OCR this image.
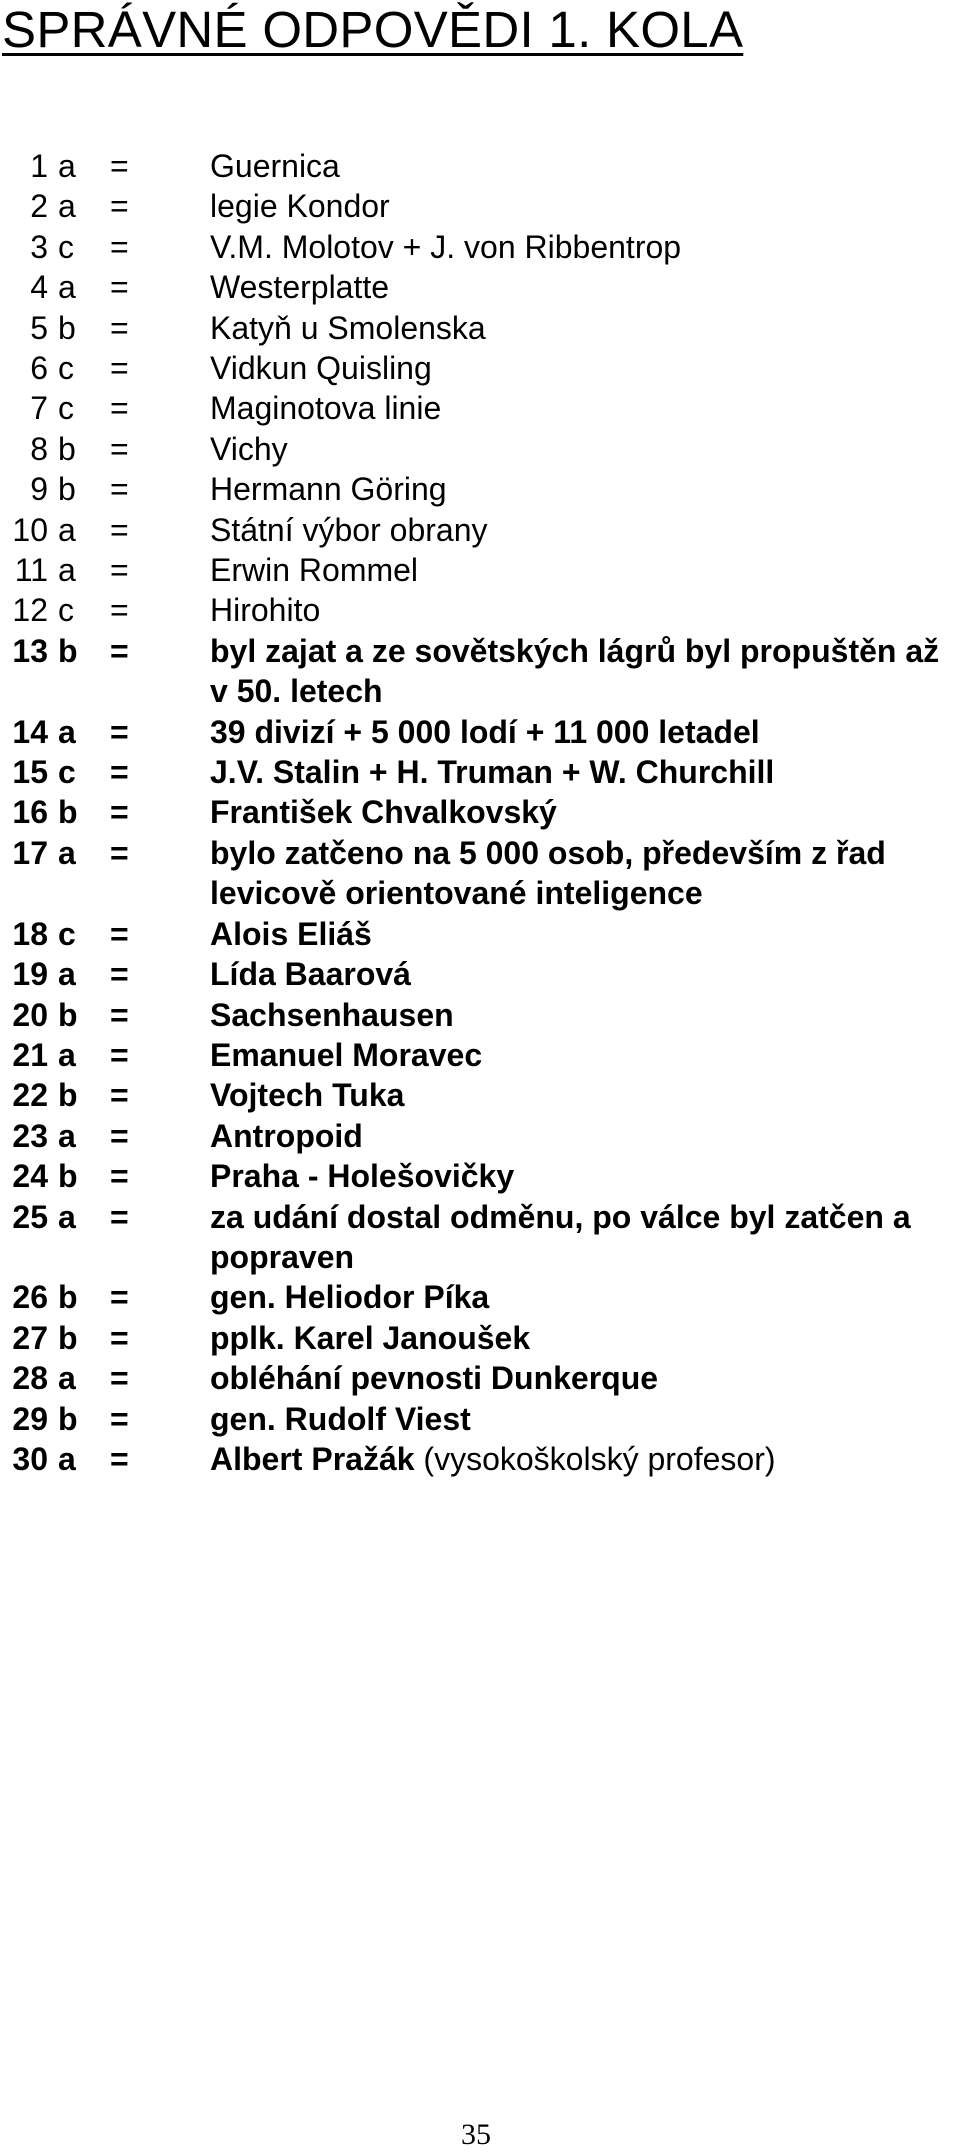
SPRÁVNÉ ODPOVĚDI 1. KOLA
1 a	=	Guernica
2 a	=	legie Kondor
3 c	=	V.M. Molotov + J. von Ribbentrop
4 a	=	Westerplatte
5 b	=	Katyň u Smolenska
6 c	=	Vidkun Quisling
7 c	=	Maginotova linie
8 b	=	Vichy
9 b	=	Hermann Göring
10 a	=	Státní výbor obrany
11 a	=	Erwin Rommel
12 c	=	Hirohito
13 b	=	byl zajat a ze sovětských lágrů byl propuštěn až v 50. letech
14 a	=	39 divizí + 5 000 lodí + 11 000 letadel
15 c	=	J.V. Stalin + H. Truman + W. Churchill
16 b	=	František Chvalkovský
17 a	=	bylo zatčeno na 5 000 osob, především z řad levicově orientované inteligence
18 c	=	Alois Eliáš
19 a	=	Lída Baarová
20 b	=	Sachsenhausen
21 a	=	Emanuel Moravec
22 b	=	Vojtech Tuka
23 a	=	Antropoid
24 b	=	Praha - Holešovičky
25 a	=	za udání dostal odměnu, po válce byl zatčen a popraven
26 b	=	gen. Heliodor Píka
27 b	=	pplk. Karel Janoušek
28 a	=	obléhání pevnosti Dunkerque
29 b	=	gen. Rudolf Viest
30 a	=	Albert Pražák (vysokoškolský profesor)
35
